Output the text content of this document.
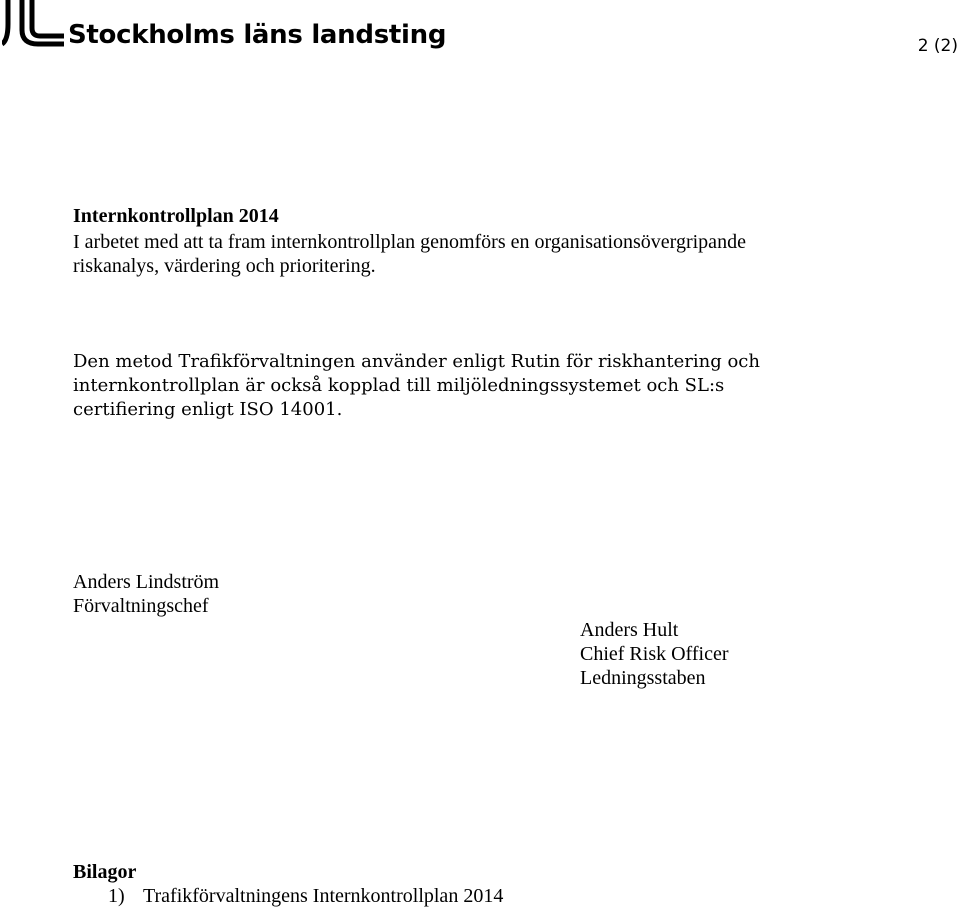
Stockholms läns landsting	2 (2)
Internkontrollplan 2014
I arbetet med att ta fram internkontrollplan genomförs en organisationsövergripande
riskanalys, värdering och prioritering.
Den metod Trafikförvaltningen använder enligt Rutin för riskhantering och
internkontrollplan är också kopplad till miljöledningssystemet och SL:s
certifiering enligt ISO 14001.
Anders Lindström
Förvaltningschef
Anders Hult
Chief Risk Officer
Ledningsstaben
Bilagor
1) Trafikförvaltningens Internkontrollplan 2014
